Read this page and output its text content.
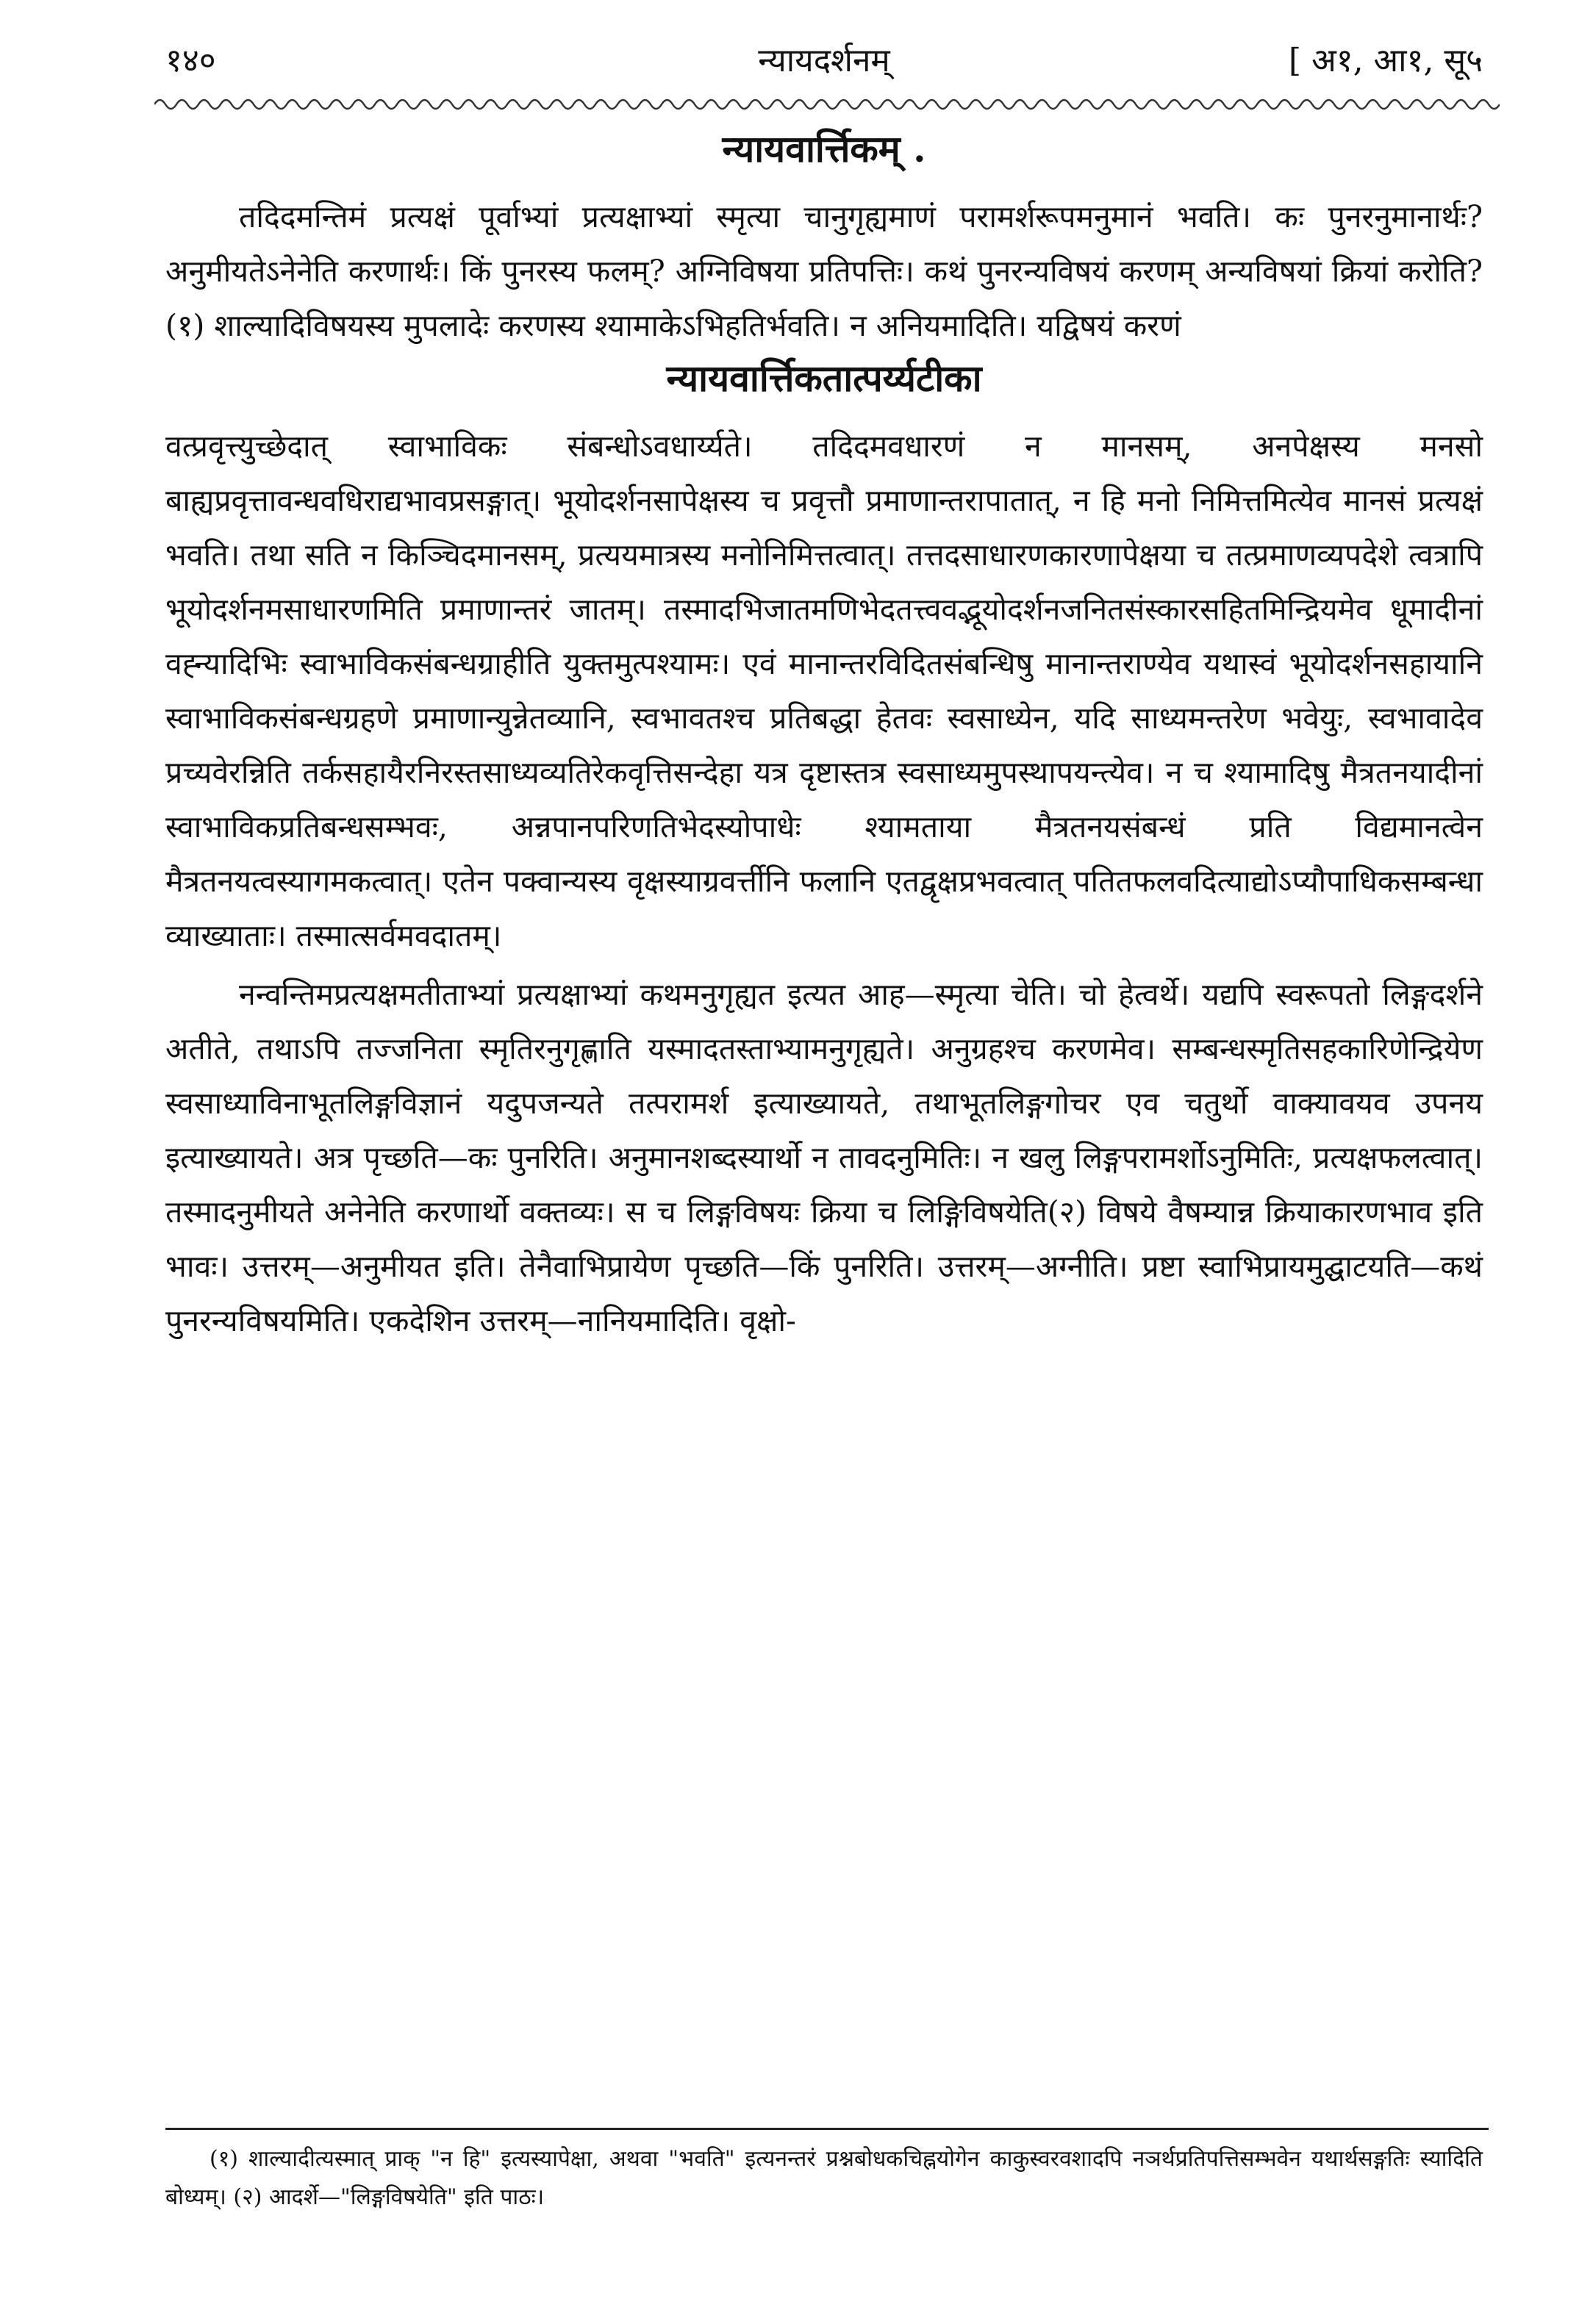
१४०	न्यायदर्शनम्	[ अ१, आ१, सू५
न्यायवार्त्तिकम् .

तदिदमन्तिमं प्रत्यक्षं पूर्वाभ्यां प्रत्यक्षाभ्यां स्मृत्या चानुगृह्यमाणं परामर्शरूपमनुमानं भवति। कः पुनरनुमानार्थः? अनुमीयतेऽनेनेति करणार्थः। किं पुनरस्य फलम्? अग्निविषया प्रतिपत्तिः। कथं पुनरन्यविषयं करणम् अन्यविषयां क्रियां करोति? (१) शाल्यादिविषयस्य मुपलादेः करणस्य श्यामाकेऽभिहतिर्भवति। न अनियमादिति। यद्विषयं करणं

न्यायवार्त्तिकतात्पर्य्यटीका

वत्प्रवृत्त्युच्छेदात् स्वाभाविकः संबन्धोऽवधार्य्यते। तदिदमवधारणं न मानसम्, अनपेक्षस्य मनसो बाह्यप्रवृत्तावन्धवधिराद्यभावप्रसङ्गात्। भूयोदर्शनसापेक्षस्य च प्रवृत्तौ प्रमाणान्तरापातात्, न हि मनो निमित्तमित्येव मानसं प्रत्यक्षं भवति। तथा सति न किञ्चिदमानसम्, प्रत्ययमात्रस्य मनोनिमित्तत्वात्। तत्तदसाधारणकारणापेक्षया च तत्प्रमाणव्यपदेशे त्वत्रापि भूयोदर्शनमसाधारणमिति प्रमाणान्तरं जातम्। तस्मादभिजातमणिभेदतत्त्ववद्भूयोदर्शनजनितसंस्कारसहितमिन्द्रियमेव धूमादीनां वह्न्यादिभिः स्वाभाविकसंबन्धग्राहीति युक्तमुत्पश्यामः। एवं मानान्तरविदितसंबन्धिषु मानान्तराण्येव यथास्वं भूयोदर्शनसहायानि स्वाभाविकसंबन्धग्रहणे प्रमाणान्युन्नेतव्यानि, स्वभावतश्च प्रतिबद्धा हेतवः स्वसाध्येन, यदि साध्यमन्तरेण भवेयुः, स्वभावादेव प्रच्यवेरन्निति तर्कसहायैरनिरस्तसाध्यव्यतिरेकवृत्तिसन्देहा यत्र दृष्टास्तत्र स्वसाध्यमुपस्थापयन्त्येव। न च श्यामादिषु मैत्रतनयादीनां स्वाभाविकप्रतिबन्धसम्भवः, अन्नपानपरिणतिभेदस्योपाधेः श्यामताया मैत्रतनयसंबन्धं प्रति विद्यमानत्वेन मैत्रतनयत्वस्यागमकत्वात्। एतेन पक्वान्यस्य वृक्षस्याग्रवर्त्तीनि फलानि एतद्वृक्षप्रभवत्वात् पतितफलवदित्याद्योऽप्यौपाधिकसम्बन्धा व्याख्याताः। तस्मात्सर्वमवदातम्।

नन्वन्तिमप्रत्यक्षमतीताभ्यां प्रत्यक्षाभ्यां कथमनुगृह्यत इत्यत आह—स्मृत्या चेति। चो हेत्वर्थे। यद्यपि स्वरूपतो लिङ्गदर्शने अतीते, तथाऽपि तज्जनिता स्मृतिरनुगृह्णाति यस्मादतस्ताभ्यामनुगृह्यते। अनुग्रहश्च करणमेव। सम्बन्धस्मृतिसहकारिणेन्द्रियेण स्वसाध्याविनाभूतलिङ्गविज्ञानं यदुपजन्यते तत्परामर्श इत्याख्यायते, तथाभूतलिङ्गगोचर एव चतुर्थो वाक्यावयव उपनय इत्याख्यायते। अत्र पृच्छति—कः पुनरिति। अनुमानशब्दस्यार्थो न तावदनुमितिः। न खलु लिङ्गपरामर्शोऽनुमितिः, प्रत्यक्षफलत्वात्। तस्मादनुमीयते अनेनेति करणार्थो वक्तव्यः। स च लिङ्गविषयः क्रिया च लिङ्गिविषयेति(२) विषये वैषम्यान्न क्रियाकारणभाव इति भावः। उत्तरम्—अनुमीयत इति। तेनैवाभिप्रायेण पृच्छति—किं पुनरिति। उत्तरम्—अग्नीति। प्रष्टा स्वाभिप्रायमुद्घाटयति—कथं पुनरन्यविषयमिति। एकदेशिन उत्तरम्—नानियमादिति। वृक्षो-

(१) शाल्यादीत्यस्मात् प्राक् "न हि" इत्यस्यापेक्षा, अथवा "भवति" इत्यनन्तरं प्रश्नबोधकचिह्नयोगेन काकुस्वरवशादपि नञर्थप्रतिपत्तिसम्भवेन यथार्थसङ्गतिः स्यादिति बोध्यम्। (२) आदर्शे—"लिङ्गविषयेति" इति पाठः।
